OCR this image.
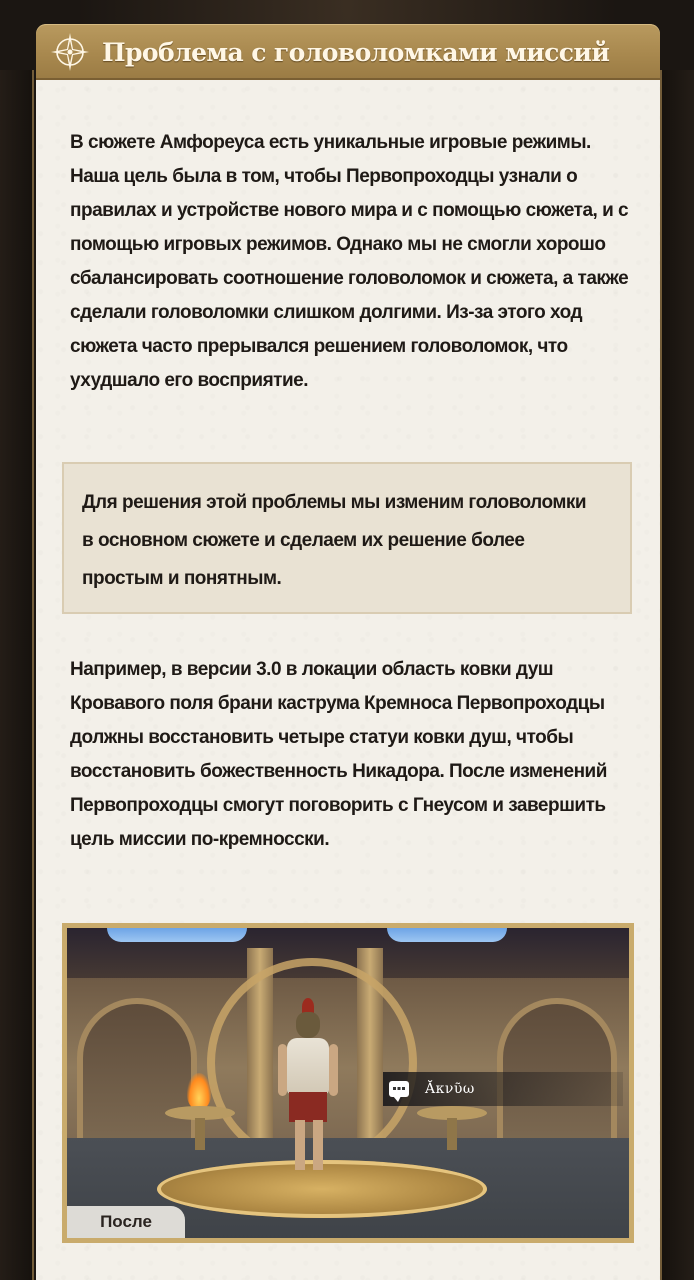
Проблема с головоломками миссий

В сюжете Амфореуса есть уникальные игровые режимы. Наша цель была в том, чтобы Первопроходцы узнали о правилах и устройстве нового мира и с помощью сюжета, и с помощью игровых режимов. Однако мы не смогли хорошо сбалансировать соотношение головоломок и сюжета, а также сделали головоломки слишком долгими. Из-за этого ход сюжета часто прерывался решением головоломок, что ухудшало его восприятие.

Для решения этой проблемы мы изменим головоломки в основном сюжете и сделаем их решение более простым и понятным.

Например, в версии 3.0 в локации область ковки душ Кровавого поля брани каструма Кремноса Первопроходцы должны восстановить четыре статуи ковки душ, чтобы восстановить божественность Никадора. После изменений Первопроходцы смогут поговорить с Гнеусом и завершить цель миссии по-кремносски.

Ᾰκνῦω
После
